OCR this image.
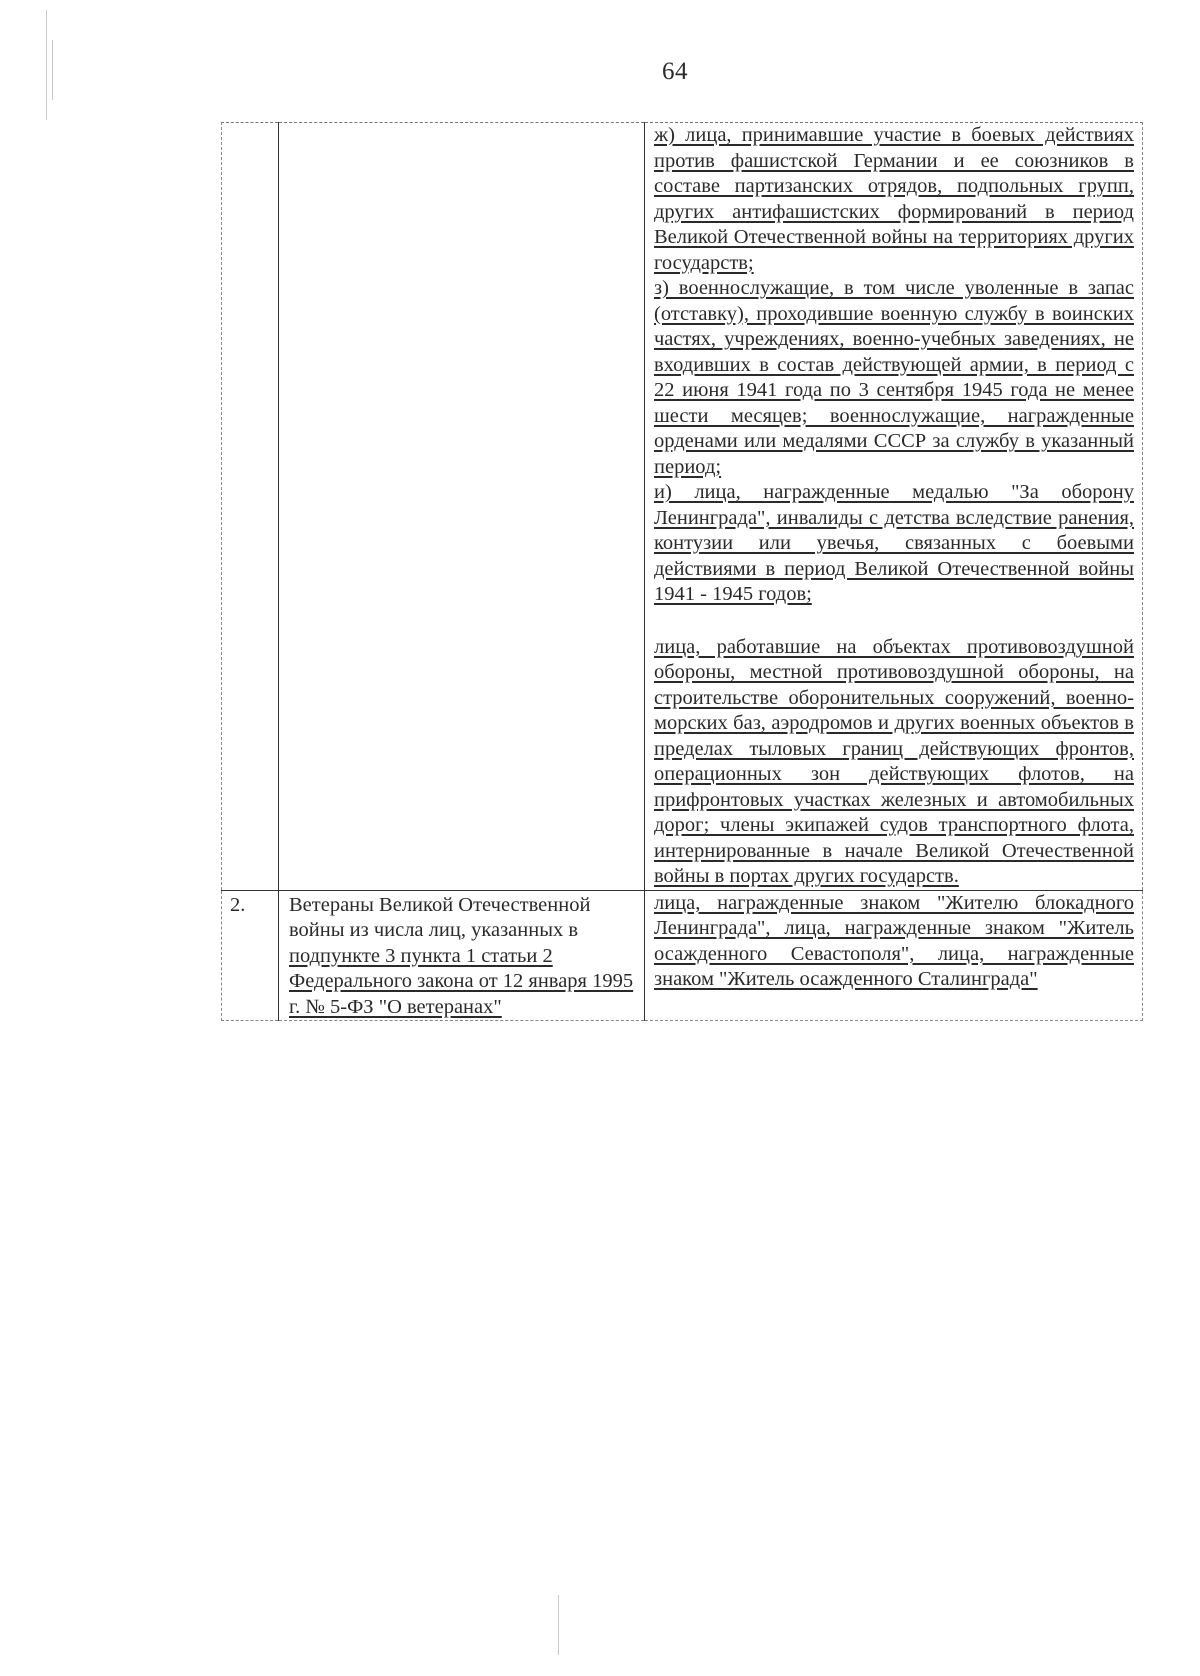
64

		ж) лица, принимавшие участие в боевых действиях против фашистской Германии и ее союзников в составе партизанских отрядов, подпольных групп, других антифашистских формирований в период Великой Отечественной войны на территориях других государств;
з) военнослужащие, в том числе уволенные в запас (отставку), проходившие военную службу в воинских частях, учреждениях, военно-учебных заведениях, не входивших в состав действующей армии, в период с 22 июня 1941 года по 3 сентября 1945 года не менее шести месяцев; военнослужащие, награжденные орденами или медалями СССР за службу в указанный период;
и) лица, награжденные медалью "За оборону Ленинграда", инвалиды с детства вследствие ранения, контузии или увечья, связанных с боевыми действиями в период Великой Отечественной войны 1941 - 1945 годов;
лица, работавшие на объектах противовоздушной обороны, местной противовоздушной обороны, на строительстве оборонительных сооружений, военно-морских баз, аэродромов и других военных объектов в пределах тыловых границ действующих фронтов, операционных зон действующих флотов, на прифронтовых участках железных и автомобильных дорог; члены экипажей судов транспортного флота, интернированные в начале Великой Отечественной войны в портах других государств.

2.	Ветераны Великой Отечественной войны из числа лиц, указанных в подпункте 3 пункта 1 статьи 2 Федерального закона от 12 января 1995 г. № 5-ФЗ "О ветеранах"	лица, награжденные знаком "Жителю блокадного Ленинграда", лица, награжденные знаком "Житель осажденного Севастополя", лица, награжденные знаком "Житель осажденного Сталинграда"
